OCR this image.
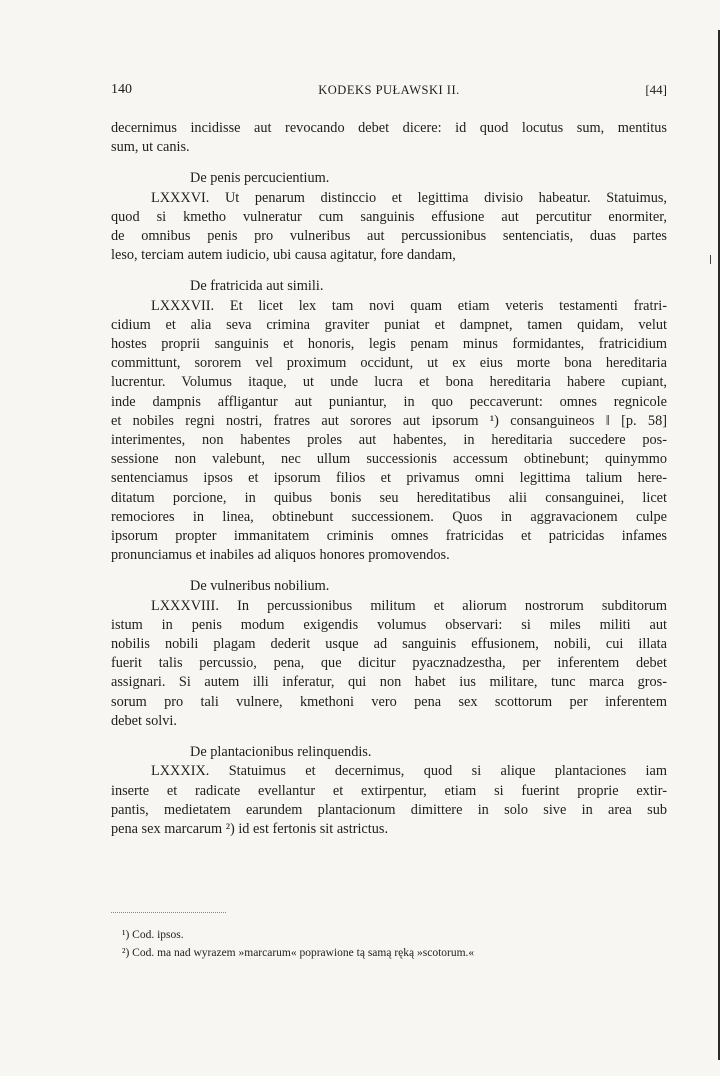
140	KODEKS PUŁAWSKI II.	[44]
decernimus incidisse aut revocando debet dicere: id quod locutus sum, mentitus
sum, ut canis.
De penis percucientium.
LXXXVI. Ut penarum distinccio et legittima divisio habeatur. Statuimus,
quod si kmetho vulneratur cum sanguinis effusione aut percutitur enormiter,
de omnibus penis pro vulneribus aut percussionibus sentenciatis, duas partes
leso, terciam autem iudicio, ubi causa agitatur, fore dandam,
De fratricida aut simili.
LXXXVII. Et licet lex tam novi quam etiam veteris testamenti fratri-
cidium et alia seva crimina graviter puniat et dampnet, tamen quidam, velut
hostes proprii sanguinis et honoris, legis penam minus formidantes, fratricidium
committunt, sororem vel proximum occidunt, ut ex eius morte bona hereditaria
lucrentur. Volumus itaque, ut unde lucra et bona hereditaria habere cupiant,
inde dampnis affligantur aut puniantur, in quo peccaverunt: omnes regnicole
et nobiles regni nostri, fratres aut sorores aut ipsorum ¹) consanguineos ‖ [p. 58]
interimentes, non habentes proles aut habentes, in hereditaria succedere pos-
sessione non valebunt, nec ullum successionis accessum obtinebunt; quinymmo
sentenciamus ipsos et ipsorum filios et privamus omni legittima talium here-
ditatum porcione, in quibus bonis seu hereditatibus alii consanguinei, licet
remociores in linea, obtinebunt successionem. Quos in aggravacionem culpe
ipsorum propter immanitatem criminis omnes fratricidas et patricidas infames
pronunciamus et inabiles ad aliquos honores promovendos.
De vulneribus nobilium.
LXXXVIII. In percussionibus militum et aliorum nostrorum subditorum
istum in penis modum exigendis volumus observari: si miles militi aut
nobilis nobili plagam dederit usque ad sanguinis effusionem, nobili, cui illata
fuerit talis percussio, pena, que dicitur pyacznadzestha, per inferentem debet
assignari. Si autem illi inferatur, qui non habet ius militare, tunc marca gros-
sorum pro tali vulnere, kmethoni vero pena sex scottorum per inferentem
debet solvi.
De plantacionibus relinquendis.
LXXXIX. Statuimus et decernimus, quod si alique plantaciones iam
inserte et radicate evellantur et extirpentur, etiam si fuerint proprie extir-
pantis, medietatem earundem plantacionum dimittere in solo sive in area sub
pena sex marcarum ²) id est fertonis sit astrictus.
¹) Cod. ipsos.
²) Cod. ma nad wyrazem »marcarum« poprawione tą samą ręką »scotorum.«
